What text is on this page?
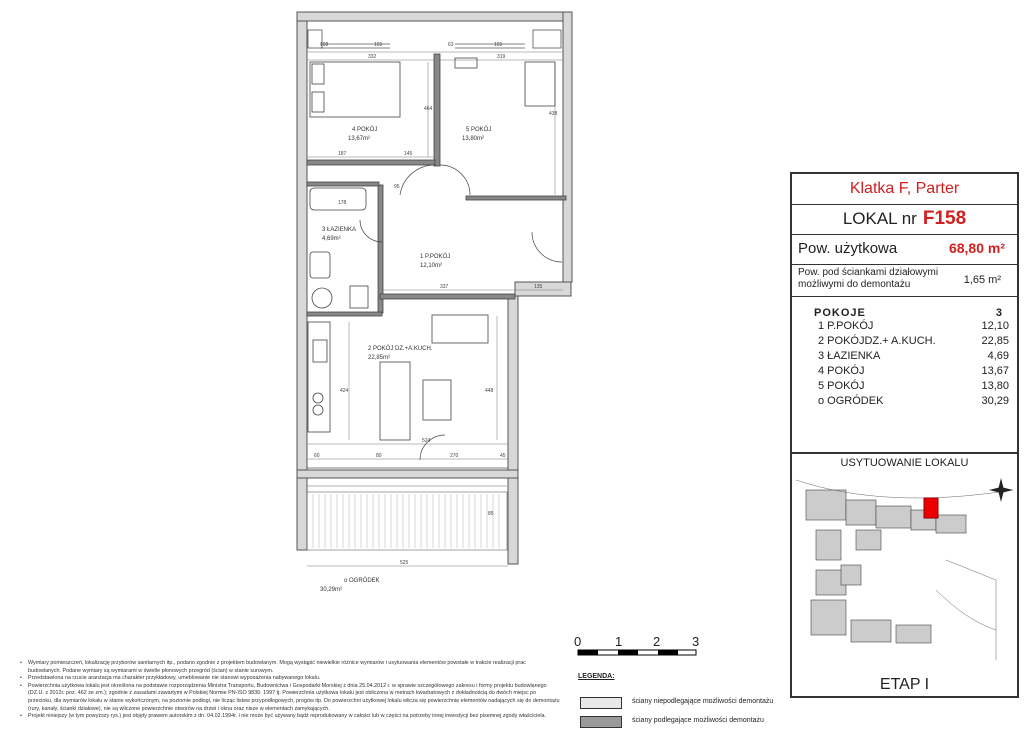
4 POKÓJ
13,67m²
5 POKÓJ
13,80m²
3 ŁAZIENKA
4,69m²
1 P.POKÓJ
12,10m²
2 POKÓJ DZ.+A.KUCH.
22,85m²
o OGRÓDEK
30,29m²
108	165	63	165
332	319
464
438
187	145
178
95
337	135
424	448
524
60	80	270	45
525
85
0	1 2 3
Klatka F, Parter
LOKAL nr F158
Pow. użytkowa	68,80 m²
Pow. pod ściankami działowymi możliwymi do demontażu	1,65 m²
POKOJE	3
1 P.POKÓJ	12,10
2 POKÓJDZ.+ A.KUCH.	22,85
3 ŁAZIENKA	4,69
4 POKÓJ	13,67
5 POKÓJ	13,80
o OGRÓDEK	30,29
USYTUOWANIE LOKALU
ETAP I
• Wymiary pomieszczeń, lokalizację przyborów sanitarnych itp., podano zgodnie z projektem budowlanym. Mogą wystąpić niewielkie różnice wymiarów i usytuowania elementów powstałe w trakcie realizacji prac budowlanych. Podane wymiary są wymiarami w świetle płonowych przegród (ścian) w stanie surowym.
• Przedstawiona na rzucie aranżacja ma charakter przykładowy, umeblowanie nie stanowi wyposażenia nabywanego lokalu.
• Powierzchnia użytkowa lokalu jest określona na podstawie rozporządzenia Ministra Transportu, Budownictwa i Gospodarki Morskiej z dnia 25.04.2012 r. w sprawie szczegółowego zakresu i formy projektu budowlanego (DZ.U. z 2012r. poz. 462 ze zm.); zgodnie z zasadami zawartymi w Polskiej Normie PN-ISO 9836: 1997 tj. Powierzchnia użytkowa lokalu jest obliczona w metrach kwadratowych z dokładnością do dwóch miejsc po przecinku, dla wymiarów lokalu w stanie wykończonym, na poziomie podłogi, nie licząc listew przypodłogowych, progów itp. Do powierzchni użytkowej lokalu wlicza się powierzchnię elementów nadających się do demontażu (rury, kanały, ścianki działowe), nie są wliczone powierzchnie otworów na drzwi i okna oraz nisze w elementach zamykających.
• Projekt niniejszy (w tym powyższy rys.) jest objęty prawem autorskim z dn. 04.02.1994r. i nie może być używany bądź reprodukowany w całości lub w części na potrzeby innej inwestycji bez pisemnej zgody właściciela.
LEGENDA:
ściany niepodlegające możliwości demontażu
ściany podlegające możliwości demontażu
